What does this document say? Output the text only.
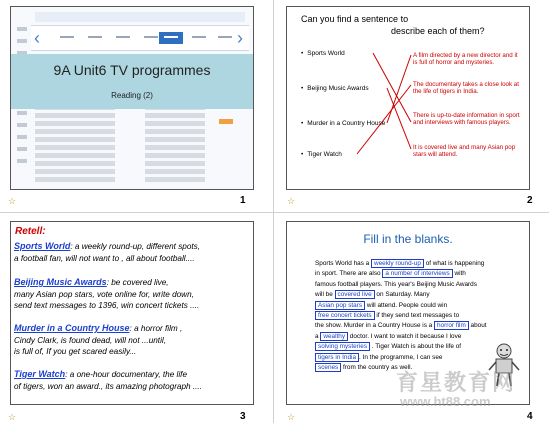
‹	›
9A Unit6 TV programmes
Reading (2)
☆	1
Can you find a sentence to
describe each of them?
• Sports World
• Beijing Music Awards
• Murder in a Country House
• Tiger Watch
A film directed by a new director and it is full of horror and mysteries.
The documentary takes a close look at the life of tigers in India.
There is up-to-date information in sport and interviews with famous players.
It is covered live and many Asian pop stars will attend.
☆	2
Retell:
Sports World: a weekly round-up, different spots,
a football fan, will not want to , all about football....
Beijing Music Awards: be covered live,
many Asian pop stars, vote online for, write down,
send text messages to 1396, win concert tickets ....
Murder in a Country House: a horror film ,
Cindy Clark, is found dead, will not ...until,
is full of, If you get scared easily...
Tiger Watch: a one-hour documentary, the life
of tigers, won an award., its amazing photograph ....
☆	3
Fill in the blanks.
Sports World has a weekly round-up of what is happening
in sport. There are also a number of interviews with
famous football players. This year's Beijing Music Awards
will be covered live on Saturday. Many
Asian pop stars will attend. People could win
free concert tickets if they send text messages to
the show. Murder in a Country House is a horror film about
a wealthy doctor. I want to watch it because I love
solving mysteries . Tiger Watch is about the life of
tigers in India . In the programme, I can see
scenes from the country as well.
☆	4
育星教育网
www.ht88.com
